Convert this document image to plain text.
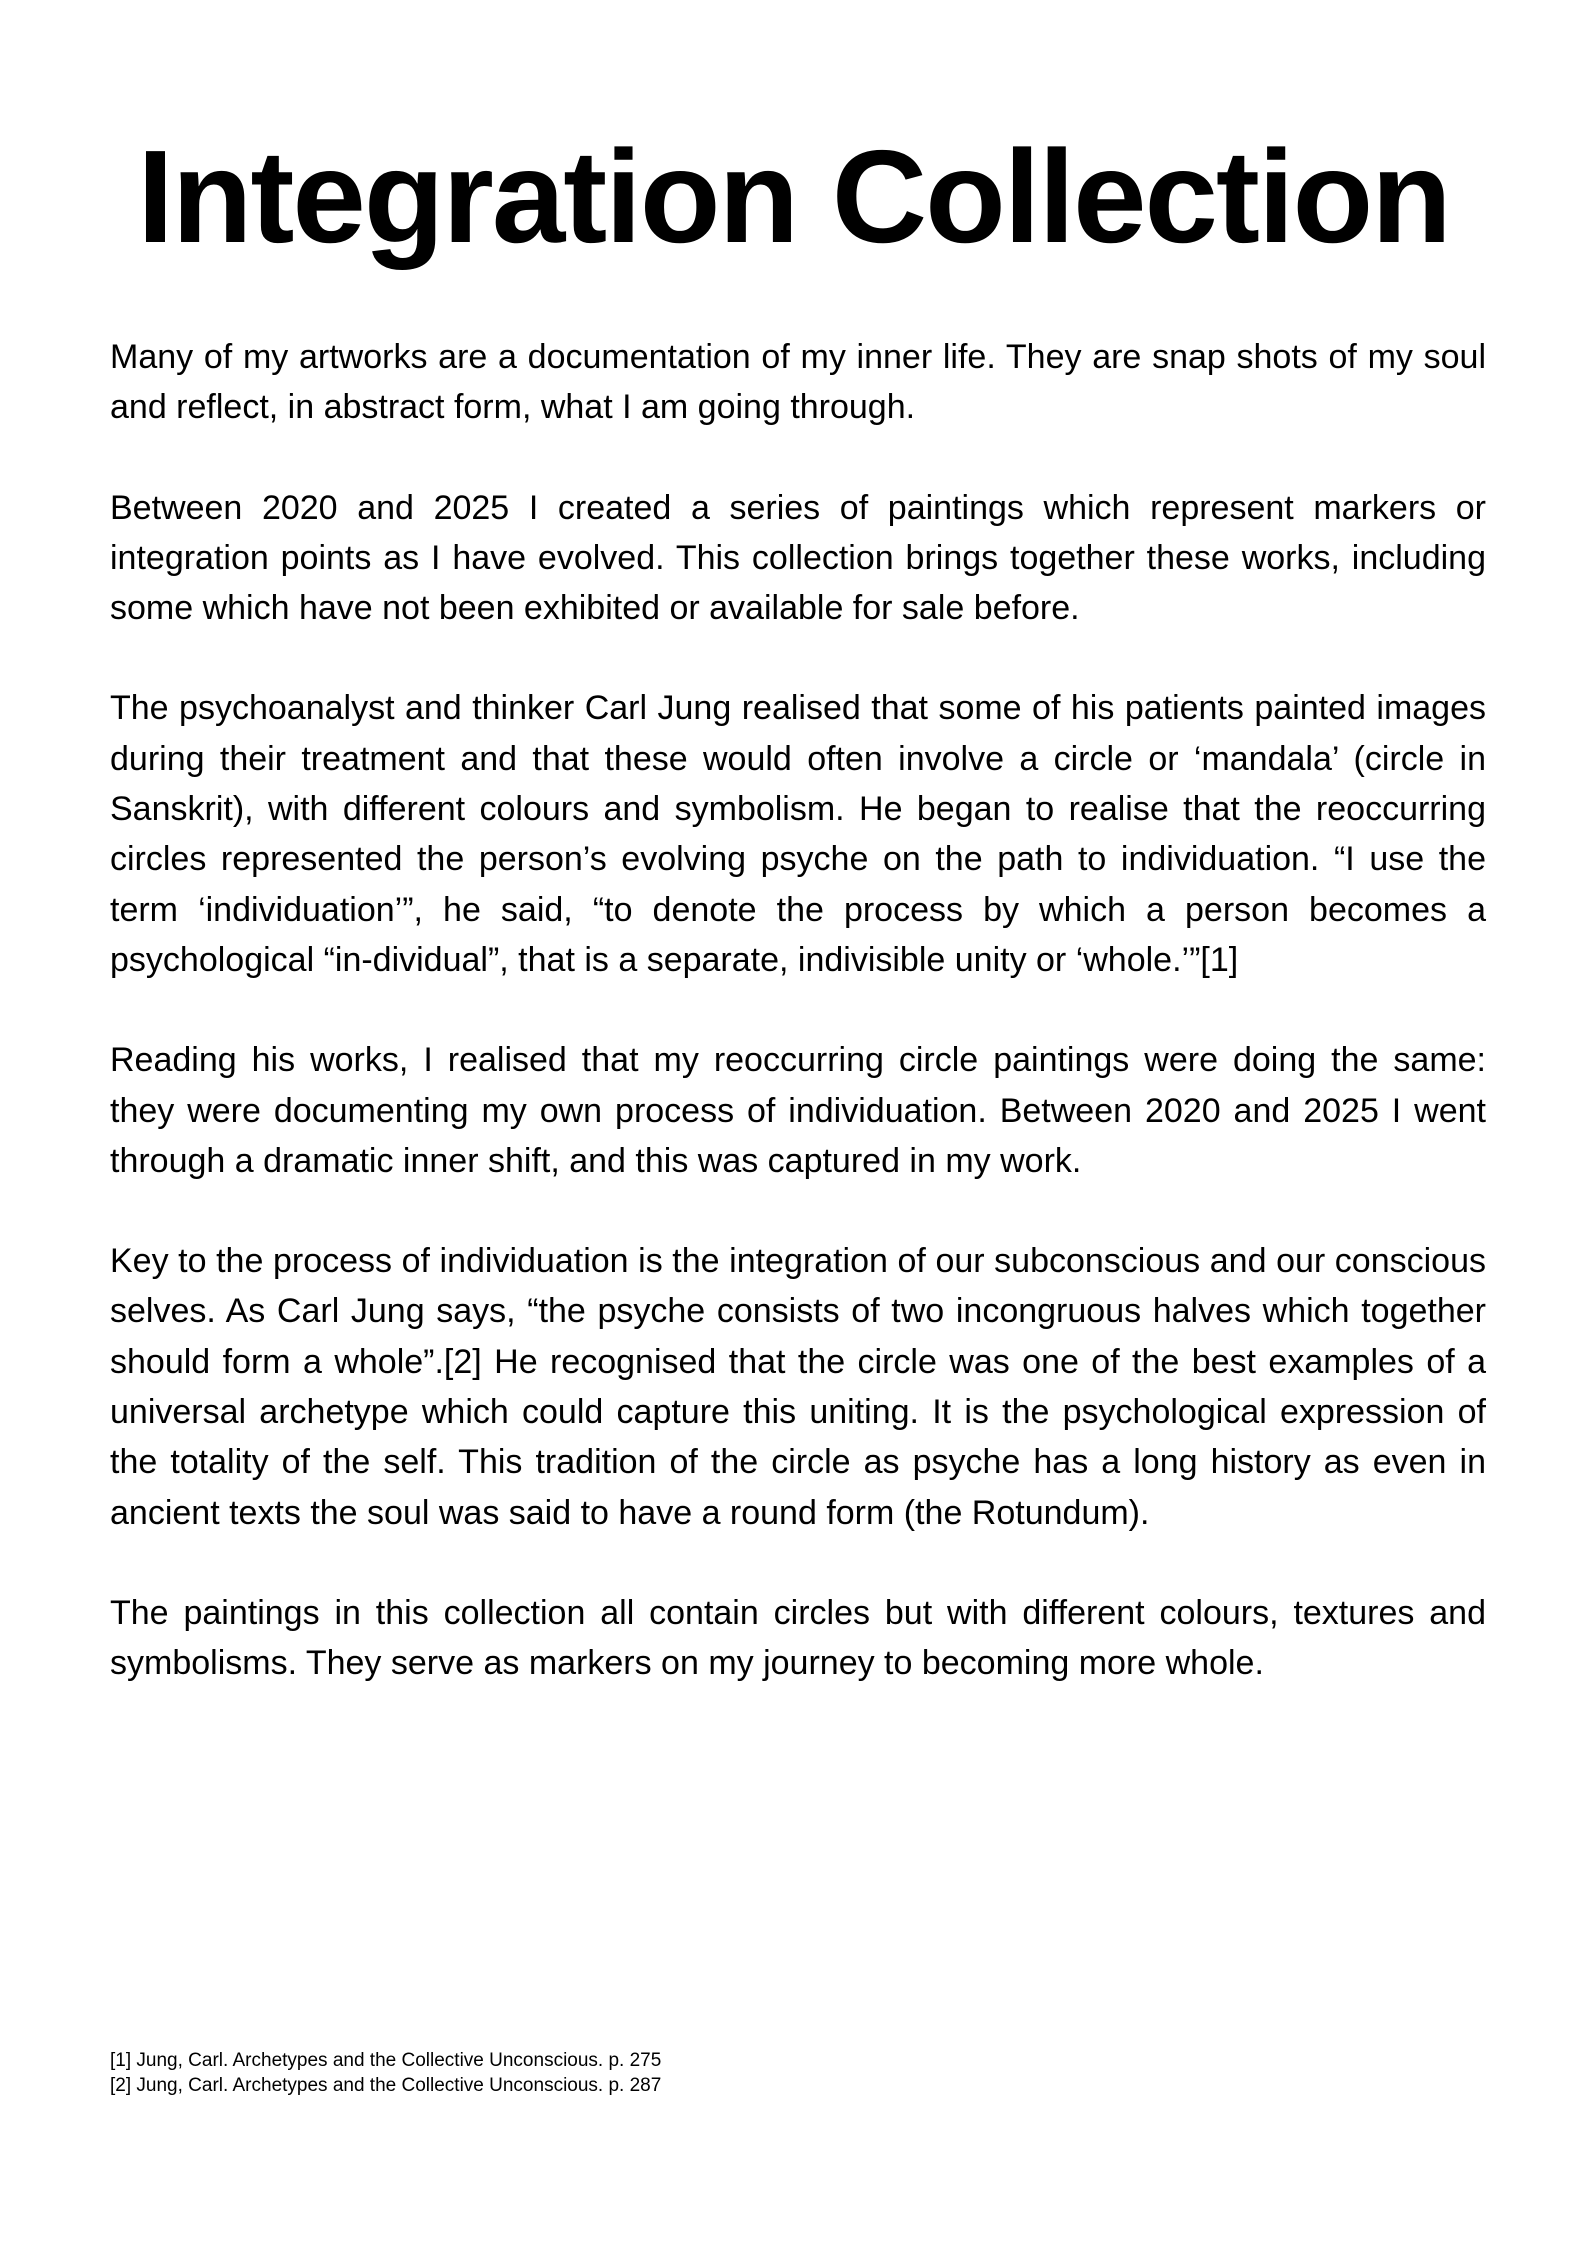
Integration Collection

Many of my artworks are a documentation of my inner life. They are snap shots of my soul and reflect, in abstract form, what I am going through.

Between 2020 and 2025 I created a series of paintings which represent markers or integration points as I have evolved. This collection brings together these works, including some which have not been exhibited or available for sale before.

The psychoanalyst and thinker Carl Jung realised that some of his patients painted images during their treatment and that these would often involve a circle or ‘mandala’ (circle in Sanskrit), with different colours and symbolism. He began to realise that the reoccurring circles represented the person’s evolving psyche on the path to individuation. “I use the term ‘individuation’”, he said, “to denote the process by which a person becomes a psychological “in-dividual”, that is a separate, indivisible unity or ‘whole.’”[1]

Reading his works, I realised that my reoccurring circle paintings were doing the same: they were documenting my own process of individuation. Between 2020 and 2025 I went through a dramatic inner shift, and this was captured in my work.

Key to the process of individuation is the integration of our subconscious and our conscious selves. As Carl Jung says, “the psyche consists of two incongruous halves which together should form a whole”.[2] He recognised that the circle was one of the best examples of a universal archetype which could capture this uniting. It is the psychological expression of the totality of the self. This tradition of the circle as psyche has a long history as even in ancient texts the soul was said to have a round form (the Rotundum).

The paintings in this collection all contain circles but with different colours, textures and symbolisms. They serve as markers on my journey to becoming more whole.

[1] Jung, Carl. Archetypes and the Collective Unconscious. p. 275

[2] Jung, Carl. Archetypes and the Collective Unconscious. p. 287
